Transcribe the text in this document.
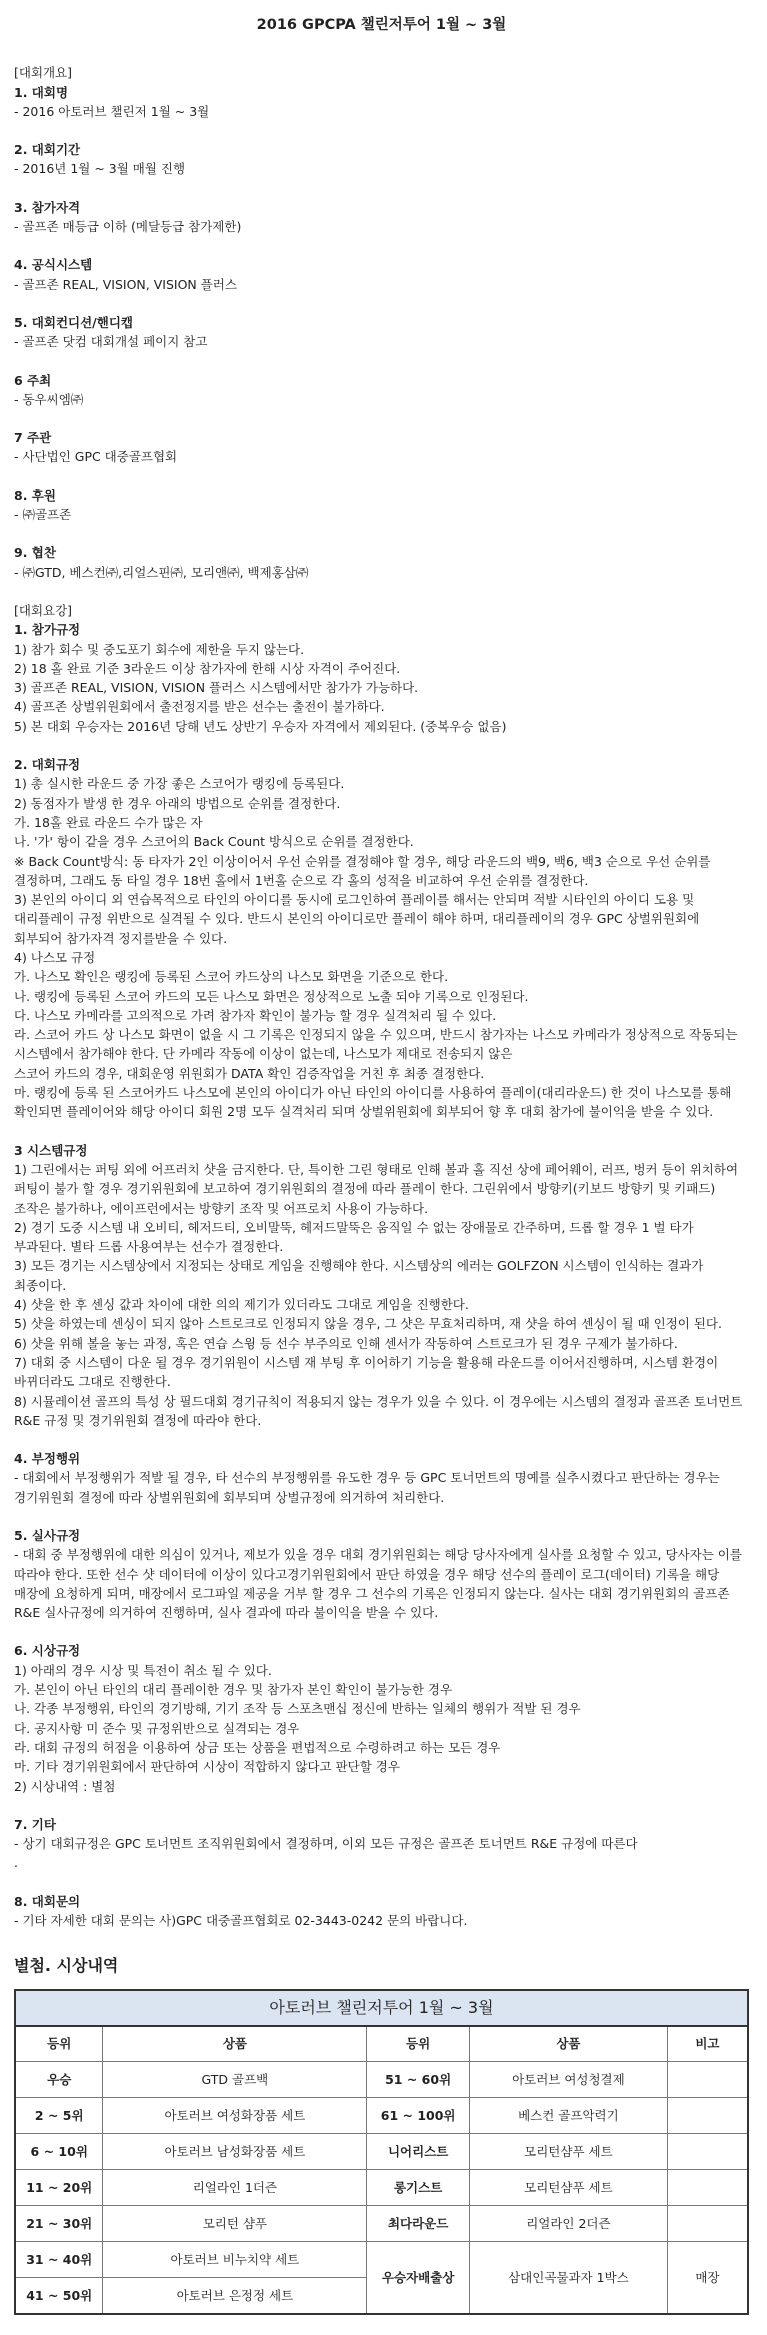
2016 GPCPA 챌린저투어 1월 ~ 3월
[대회개요]
1. 대회명
- 2016 아토러브 챌린저 1월 ~ 3월
2. 대회기간
- 2016년 1월 ~ 3월 매월 진행
3. 참가자격
- 골프존 매등급 이하 (메달등급 참가제한)
4. 공식시스템
- 골프존 REAL, VISION, VISION 플러스
5. 대회컨디션/핸디캡
- 골프존 닷컴 대회개설 페이지 참고
6 주최
- 동우씨엠㈜
7 주관
- 사단법인 GPC 대중골프협회
8. 후원
- ㈜골프존
9. 협찬
- ㈜GTD, 베스컨㈜,리얼스핀㈜, 모리앤㈜, 백제홍삼㈜
[대회요강]
1. 참가규정
1) 참가 회수 및 중도포기 회수에 제한을 두지 않는다.
2) 18 홀 완료 기준 3라운드 이상 참가자에 한해 시상 자격이 주어진다.
3) 골프존 REAL, VISION, VISION 플러스 시스템에서만 참가가 가능하다.
4) 골프존 상벌위원회에서 출전정지를 받은 선수는 출전이 불가하다.
5) 본 대회 우승자는 2016년 당해 년도 상반기 우승자 자격에서 제외된다. (중복우승 없음)
2. 대회규정
1) 총 실시한 라운드 중 가장 좋은 스코어가 랭킹에 등록된다.
2) 동점자가 발생 한 경우 아래의 방법으로 순위를 결정한다.
가. 18홀 완료 라운드 수가 많은 자
나. '가' 항이 같을 경우 스코어의 Back Count 방식으로 순위를 결정한다.
※ Back Count방식: 동 타자가 2인 이상이어서 우선 순위를 결정해야 할 경우, 해당 라운드의 백9, 백6, 백3 순으로 우선 순위를 결정하며, 그래도 동 타일 경우 18번 홀에서 1번홀 순으로 각 홀의 성적을 비교하여 우선 순위를 결정한다.
3) 본인의 아이디 외 연습목적으로 타인의 아이디를 동시에 로그인하여 플레이를 해서는 안되며 적발 시타인의 아이디 도용 및 대리플레이 규정 위반으로 실격될 수 있다. 반드시 본인의 아이디로만 플레이 해야 하며, 대리플레이의 경우 GPC 상벌위원회에 회부되어 참가자격 정지를받을 수 있다.
4) 나스모 규정
가. 나스모 확인은 랭킹에 등록된 스코어 카드상의 나스모 화면을 기준으로 한다.
나. 랭킹에 등록된 스코어 카드의 모든 나스모 화면은 정상적으로 노출 되야 기록으로 인정된다.
다. 나스모 카메라를 고의적으로 가려 참가자 확인이 불가능 할 경우 실격처리 될 수 있다.
라. 스코어 카드 상 나스모 화면이 없을 시 그 기록은 인정되지 않을 수 있으며, 반드시 참가자는 나스모 카메라가 정상적으로 작동되는 시스템에서 참가해야 한다. 단 카메라 작동에 이상이 없는데, 나스모가 제대로 전송되지 않은
스코어 카드의 경우, 대회운영 위원회가 DATA 확인 검증작업을 거친 후 최종 결정한다.
마. 랭킹에 등록 된 스코어카드 나스모에 본인의 아이디가 아닌 타인의 아이디를 사용하여 플레이(대리라운드) 한 것이 나스모를 통해 확인되면 플레이어와 해당 아이디 회원 2명 모두 실격처리 되며 상벌위원회에 회부되어 향 후 대회 참가에 불이익을 받을 수 있다.
3 시스템규정
1) 그린에서는 퍼팅 외에 어프러치 샷을 금지한다. 단, 특이한 그린 형태로 인해 볼과 홀 직선 상에 페어웨이, 러프, 벙커 등이 위치하여 퍼팅이 불가 할 경우 경기위원회에 보고하여 경기위원회의 결정에 따라 플레이 한다. 그린위에서 방향키(키보드 방향키 및 키패드) 조작은 불가하나, 에이프런에서는 방향키 조작 및 어프로치 사용이 가능하다.
2) 경기 도중 시스템 내 오비티, 헤저드티, 오비말뚝, 헤저드말뚝은 움직일 수 없는 장애물로 간주하며, 드롭 할 경우 1 벌 타가 부과된다. 별타 드롭 사용여부는 선수가 결정한다.
3) 모든 경기는 시스템상에서 지정되는 상태로 게임을 진행해야 한다. 시스템상의 에러는 GOLFZON 시스템이 인식하는 결과가 최종이다.
4) 샷을 한 후 센싱 값과 차이에 대한 의의 제기가 있더라도 그대로 게임을 진행한다.
5) 샷을 하였는데 센싱이 되지 않아 스트로크로 인정되지 않을 경우, 그 샷은 무효처리하며, 재 샷을 하여 센싱이 될 때 인정이 된다.
6) 샷을 위해 볼을 놓는 과정, 혹은 연습 스윙 등 선수 부주의로 인해 센서가 작동하여 스트로크가 된 경우 구제가 불가하다.
7) 대회 중 시스템이 다운 될 경우 경기위원이 시스템 재 부팅 후 이어하기 기능을 활용해 라운드를 이어서진행하며, 시스템 환경이 바뀌더라도 그대로 진행한다.
8) 시뮬레이션 골프의 특성 상 필드대회 경기규칙이 적용되지 않는 경우가 있을 수 있다. 이 경우에는 시스템의 결정과 골프존 토너먼트 R&E 규정 및 경기위원회 결정에 따라야 한다.
4. 부정행위
- 대회에서 부정행위가 적발 될 경우, 타 선수의 부정행위를 유도한 경우 등 GPC 토너먼트의 명예를 실추시켰다고 판단하는 경우는 경기위원회 결정에 따라 상벌위원회에 회부되며 상벌규정에 의거하여 처리한다.
5. 실사규정
- 대회 중 부정행위에 대한 의심이 있거나, 제보가 있을 경우 대회 경기위원회는 해당 당사자에게 실사를 요청할 수 있고, 당사자는 이를 따라야 한다. 또한 선수 샷 데이터에 이상이 있다고경기위원회에서 판단 하였을 경우 해당 선수의 플레이 로그(데이터) 기록을 해당 매장에 요청하게 되며, 매장에서 로그파일 제공을 거부 할 경우 그 선수의 기록은 인정되지 않는다. 실사는 대회 경기위원회의 골프존 R&E 실사규정에 의거하여 진행하며, 실사 결과에 따라 불이익을 받을 수 있다.
6. 시상규정
1) 아래의 경우 시상 및 특전이 취소 될 수 있다.
가. 본인이 아닌 타인의 대리 플레이한 경우 및 참가자 본인 확인이 불가능한 경우
나. 각종 부정행위, 타인의 경기방해, 기기 조작 등 스포츠맨십 정신에 반하는 일체의 행위가 적발 된 경우
다. 공지사항 미 준수 및 규정위반으로 실격되는 경우
라. 대회 규정의 허점을 이용하여 상금 또는 상품을 편법적으로 수령하려고 하는 모든 경우
마. 기타 경기위원회에서 판단하여 시상이 적합하지 않다고 판단할 경우
2) 시상내역 : 별첨
7. 기타
- 상기 대회규정은 GPC 토너먼트 조직위원회에서 결정하며, 이외 모든 규정은 골프존 토너먼트 R&E 규정에 따른다
.
8. 대회문의
- 기타 자세한 대회 문의는 사)GPC 대중골프협회로 02-3443-0242 문의 바랍니다.
별첨. 시상내역
아토러브 챌린저투어 1월 ~ 3월				
등위	상품	등위	상품	비고
우승	GTD 골프백	51 ~ 60위	아토러브 여성청결제	
2 ~ 5위	아토러브 여성화장품 세트	61 ~ 100위	베스컨 골프악력기	
6 ~ 10위	아토러브 남성화장품 세트	니어리스트	모리턴샴푸 세트	
11 ~ 20위	리얼라인 1더즌	롱기스트	모리턴샴푸 세트	
21 ~ 30위	모리턴 샴푸	최다라운드	리얼라인 2더즌	
31 ~ 40위	아토러브 비누치약 세트	우승자배출상	삼대인곡물과자 1박스	매장
41 ~ 50위	아토러브 은정정 세트			
